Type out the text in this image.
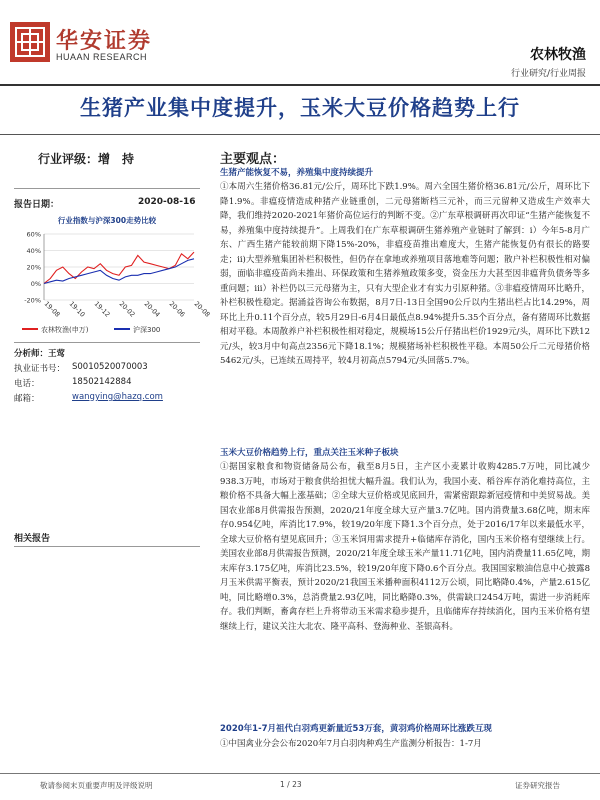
华安证券
HUAAN RESEARCH	农林牧渔
行业研究/行业周报
生猪产业集中度提升，玉米大豆价格趋势上行
行业评级：增　持
报告日期：	2020-08-16
行业指数与沪深300走势比较
60%
40%
20%
0%
-20% 19-08 19-10 19-12 20-02 20-04 20-06 20-08
农林牧渔(申万)	沪深300
分析师：王莺
执业证书号： S0010520070003
电话：	18502142884
邮箱：	wangying@hazq.com
相关报告
主要观点：
生猪产能恢复不易，养殖集中度持续提升
①本周六生猪价格36.81元/公斤，周环比下跌1.9%。周六全国生猪价格36.81元/公斤，周环比下降1.9%。非瘟疫情造成种猪产业链重创，二元母猪断档三元补，而三元留种又造成生产效率大降，我们维持2020-2021年猪价高位运行的判断不变。②广东草根调研再次印证“生猪产能恢复不易，养殖集中度持续提升”。上周我们在广东草根调研生猪养殖产业链时了解到：i）今年5-8月广东、广西生猪产能较前期下降15%-20%，非瘟疫苗推出难度大，生猪产能恢复仍有很长的路要走；ii)大型养殖集团补栏积极性，但仍存在拿地或养殖项目落地难等问题；散户补栏积极性相对偏弱，面临非瘟疫苗尚未推出、环保政策和生猪养殖政策多变，资金压力大甚至因非瘟背负债务等多重问题；iii）补栏仍以三元母猪为主，只有大型企业才有实力引原种猪。③非瘟疫情周环比略升，补栏积极性稳定。据涌益咨询公布数据，8月7日-13日全国90公斤以内生猪出栏占比14.29%，周环比上升0.11个百分点，较5月29日-6月4日最低点8.94%提升5.35个百分点，备有猪周环比数据相对平稳。本周散养户补栏积极性相对稳定，规模场15公斤仔猪出栏价1929元/头，周环比下跌12元/头，较3月中旬高点2356元下降18.1%；规模猪场补栏积极性平稳。本周50公斤二元母猪价格5462元/头，已连续五周持平，较4月初高点5794元/头回落5.7%。
玉米大豆价格趋势上行，重点关注玉米种子板块
①据国家粮食和物资储备局公布，截至8月5日，主产区小麦累计收购4285.7万吨，同比减少938.3万吨，市场对于粮食供给担忧大幅升温。我们认为，我国小麦、稻谷库存消化难持高位，主粮价格不具备大幅上涨基础；②全球大豆价格或见底回升，需紧密跟踪新冠疫情和中美贸易战。美国农业部8月供需报告预测，2020/21年度全球大豆产量3.7亿吨。国内消费量3.68亿吨，期末库存0.954亿吨，库消比17.9%，较19/20年度下降1.3个百分点，处于2016/17年以来最低水平，全球大豆价格有望见底回升；③玉米饲用需求提升+临储库存消化，国内玉米价格有望继续上行。美国农业部8月供需报告预测，2020/21年度全球玉米产量11.71亿吨，国内消费量11.65亿吨，期末库存3.175亿吨，库消比23.5%，较19/20年度下降0.6个百分点。我国国家粮油信息中心披露8月玉米供需平衡表，预计2020/21我国玉米播种面积4112万公顷，同比略降0.4%，产量2.615亿吨，同比略增0.3%，总消费量2.93亿吨，同比略降0.3%，供需缺口2454万吨，需进一步消耗库存。我们判断，畜禽存栏上升将带动玉米需求稳步提升，且临储库存持续消化，国内玉米价格有望继续上行，建议关注大北农、隆平高科、登海种业、荃银高科。
2020年1-7月祖代白羽鸡更新量近53万套，黄羽鸡价格周环比涨跌互现
①中国禽业分会公布2020年7月白羽肉种鸡生产监测分析报告：1-7月
敬请参阅末页重要声明及评级说明	1 / 23	证券研究报告
